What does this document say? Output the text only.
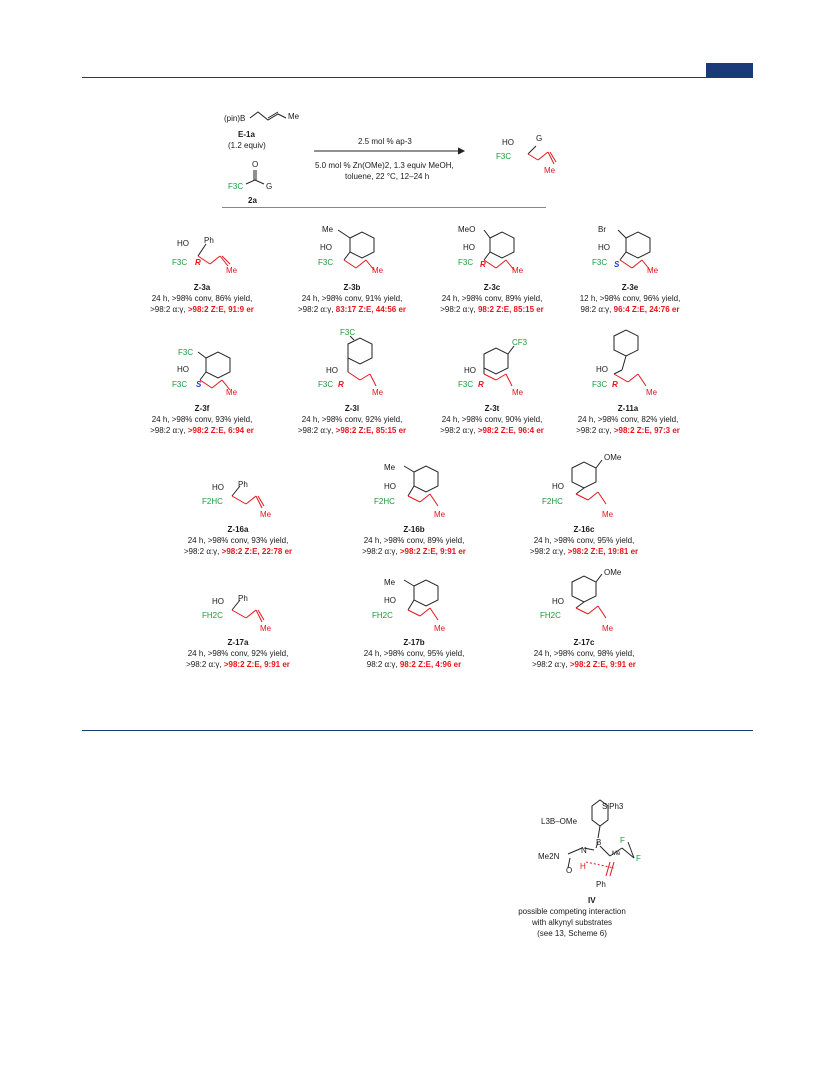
(pin)B	Me
E-1a
(1.2 equiv)
O
F3C	G
2a
2.5 mol % ap-3
5.0 mol % Zn(OMe)2, 1.3 equiv MeOH,
toluene, 22 °C, 12–24 h
HO	G
F3C
Me
HO Ph
F3C R
Me
Me
HO
F3C
Me
MeO
HO
F3C R
Me
Br
HO
F3C S
Me
Z-3a
24 h, >98% conv, 86% yield,
>98:2 α:γ, >98:2 Z:E, 91:9 er
Z-3b
24 h, >98% conv, 91% yield,
>98:2 α:γ, 83:17 Z:E, 44:56 er
Z-3c
24 h, >98% conv, 89% yield,
>98:2 α:γ, 98:2 Z:E, 85:15 er
Z-3e
12 h, >98% conv, 96% yield,
98:2 α:γ, 96:4 Z:E, 24:76 er
F3C
HO
F3C S
Me
F3C
HO
F3C R
Me
CF3
HO
F3C R
Me
HO
F3C R
Me
Z-3f
24 h, >98% conv, 93% yield,
>98:2 α:γ, >98:2 Z:E, 6:94 er
Z-3l
24 h, >98% conv, 92% yield,
>98:2 α:γ, >98:2 Z:E, 85:15 er
Z-3t
24 h, >98% conv, 90% yield,
>98:2 α:γ, >98:2 Z:E, 96:4 er
Z-11a
24 h, >98% conv, 82% yield,
>98:2 α:γ, >98:2 Z:E, 97:3 er
HO Ph
F2HC
Me
Me
HO
F2HC
Me
OMe
HO
F2HC
Me
Z-16a
24 h, >98% conv, 93% yield,
>98:2 α:γ, >98:2 Z:E, 22:78 er
Z-16b
24 h, >98% conv, 89% yield,
>98:2 α:γ, >98:2 Z:E, 9:91 er
Z-16c
24 h, >98% conv, 95% yield,
>98:2 α:γ, >98:2 Z:E, 19:81 er
HO Ph
FH2C
Me
Me
HO
FH2C
Me
OMe
HO
FH2C
Me
Z-17a
24 h, >98% conv, 92% yield,
>98:2 α:γ, >98:2 Z:E, 9:91 er
Z-17b
24 h, >98% conv, 95% yield,
98:2 α:γ, 98:2 Z:E, 4:96 er
Z-17c
24 h, >98% conv, 98% yield,
>98:2 α:γ, >98:2 Z:E, 9:91 er
L3B–OMe
SiPh3
Me2N
N
H
O
B F
F
Me
Ph
IV
possible competing interaction
with alkynyl substrates
(see 13, Scheme 6)
